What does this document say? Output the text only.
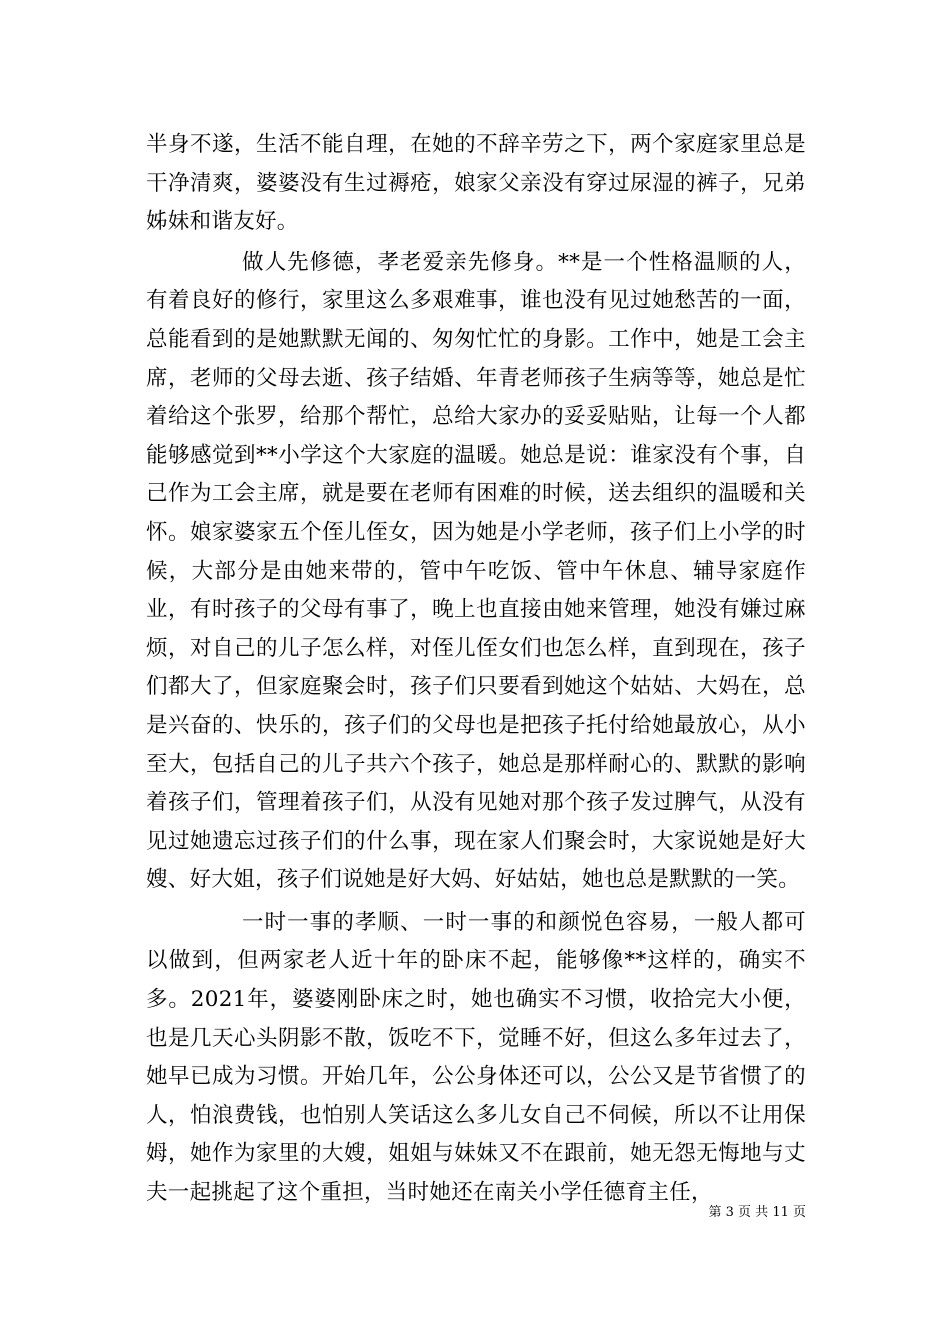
半身不遂，生活不能自理，在她的不辞辛劳之下，两个家庭家里总是干净清爽，婆婆没有生过褥疮，娘家父亲没有穿过尿湿的裤子，兄弟姊妹和谐友好。

做人先修德，孝老爱亲先修身。**是一个性格温顺的人，有着良好的修行，家里这么多艰难事，谁也没有见过她愁苦的一面，总能看到的是她默默无闻的、匆匆忙忙的身影。工作中，她是工会主席，老师的父母去逝、孩子结婚、年青老师孩子生病等等，她总是忙着给这个张罗，给那个帮忙，总给大家办的妥妥贴贴，让每一个人都能够感觉到**小学这个大家庭的温暖。她总是说：谁家没有个事，自己作为工会主席，就是要在老师有困难的时候，送去组织的温暖和关怀。娘家婆家五个侄儿侄女，因为她是小学老师，孩子们上小学的时候，大部分是由她来带的，管中午吃饭、管中午休息、辅导家庭作业，有时孩子的父母有事了，晚上也直接由她来管理，她没有嫌过麻烦，对自己的儿子怎么样，对侄儿侄女们也怎么样，直到现在，孩子们都大了，但家庭聚会时，孩子们只要看到她这个姑姑、大妈在，总是兴奋的、快乐的，孩子们的父母也是把孩子托付给她最放心，从小至大，包括自己的儿子共六个孩子，她总是那样耐心的、默默的影响着孩子们，管理着孩子们，从没有见她对那个孩子发过脾气，从没有见过她遗忘过孩子们的什么事，现在家人们聚会时，大家说她是好大嫂、好大姐，孩子们说她是好大妈、好姑姑，她也总是默默的一笑。

一时一事的孝顺、一时一事的和颜悦色容易，一般人都可以做到，但两家老人近十年的卧床不起，能够像**这样的，确实不多。2021年，婆婆刚卧床之时，她也确实不习惯，收拾完大小便，也是几天心头阴影不散，饭吃不下，觉睡不好，但这么多年过去了，她早已成为习惯。开始几年，公公身体还可以，公公又是节省惯了的人，怕浪费钱，也怕别人笑话这么多儿女自己不伺候，所以不让用保姆，她作为家里的大嫂，姐姐与妹妹又不在跟前，她无怨无悔地与丈夫一起挑起了这个重担，当时她还在南关小学任德育主任，

第 3 页 共 11 页
